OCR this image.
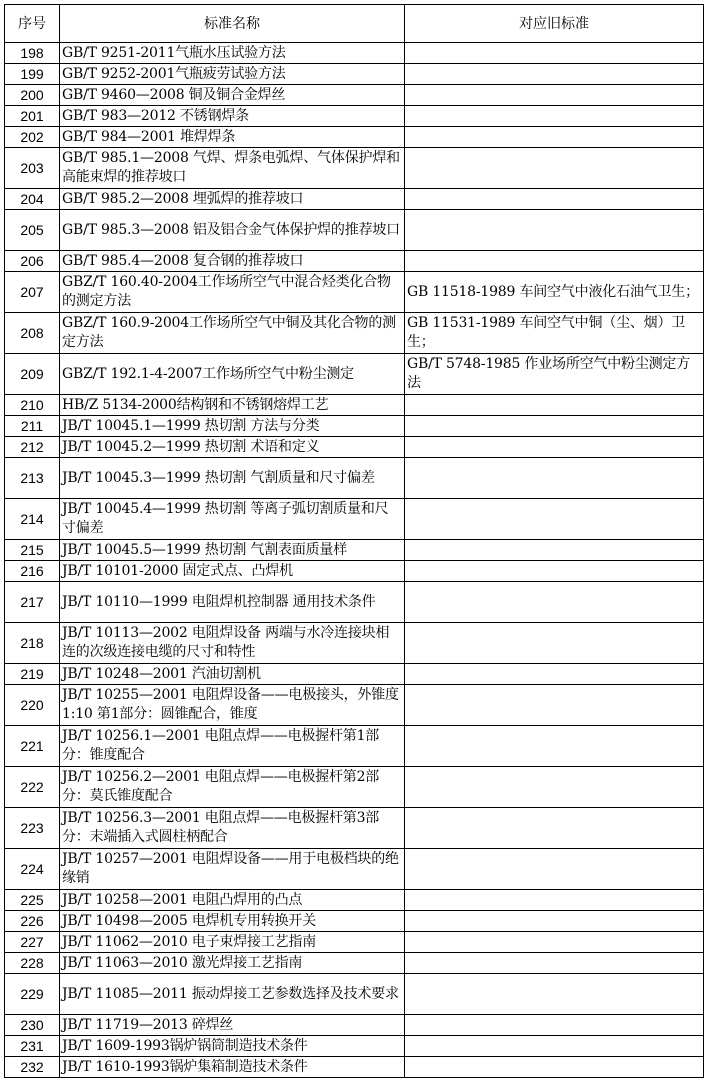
序号	标准名称	对应旧标准

198	GB/T 9251-2011气瓶水压试验方法	

199	GB/T 9252-2001气瓶疲劳试验方法	

200	GB/T 9460—2008 铜及铜合金焊丝	

201	GB/T 983—2012 不锈钢焊条	

202	GB/T 984—2001 堆焊焊条	

203	GB/T 985.1—2008 气焊、焊条电弧焊、气体保护焊和高能束焊的推荐坡口	

204	GB/T 985.2—2008 埋弧焊的推荐坡口	

205	GB/T 985.3—2008 铝及铝合金气体保护焊的推荐坡口	

206	GB/T 985.4—2008 复合钢的推荐坡口	

207	GBZ/T 160.40-2004工作场所空气中混合烃类化合物的测定方法	GB 11518-1989 车间空气中液化石油气卫生；

208	GBZ/T 160.9-2004工作场所空气中铜及其化合物的测定方法	GB 11531-1989 车间空气中铜（尘、烟）卫生；

209	GBZ/T 192.1-4-2007工作场所空气中粉尘测定	GB/T 5748-1985 作业场所空气中粉尘测定方法

210	HB/Z 5134-2000结构钢和不锈钢熔焊工艺	

211	JB/T 10045.1—1999 热切割 方法与分类	

212	JB/T 10045.2—1999 热切割 术语和定义	

213	JB/T 10045.3—1999 热切割 气割质量和尺寸偏差	

214	JB/T 10045.4—1999 热切割 等离子弧切割质量和尺寸偏差	

215	JB/T 10045.5—1999 热切割 气割表面质量样	

216	JB/T 10101-2000 固定式点、凸焊机	

217	JB/T 10110—1999 电阻焊机控制器 通用技术条件	

218	JB/T 10113—2002 电阻焊设备 两端与水冷连接块相连的次级连接电缆的尺寸和特性	

219	JB/T 10248—2001 汽油切割机	

220	JB/T 10255—2001 电阻焊设备——电极接头，外锥度1:10 第1部分：圆锥配合，锥度	

221	JB/T 10256.1—2001 电阻点焊——电极握杆第1部分：锥度配合	

222	JB/T 10256.2—2001 电阻点焊——电极握杆第2部分：莫氏锥度配合	

223	JB/T 10256.3—2001 电阻点焊——电极握杆第3部分：末端插入式圆柱柄配合	

224	JB/T 10257—2001 电阻焊设备——用于电极档块的绝缘销	

225	JB/T 10258—2001 电阻凸焊用的凸点	

226	JB/T 10498—2005 电焊机专用转换开关	

227	JB/T 11062—2010 电子束焊接工艺指南	

228	JB/T 11063—2010 激光焊接工艺指南	

229	JB/T 11085—2011 振动焊接工艺参数选择及技术要求	

230	JB/T 11719—2013 碎焊丝	

231	JB/T 1609-1993锅炉锅筒制造技术条件	

232	JB/T 1610-1993锅炉集箱制造技术条件	
